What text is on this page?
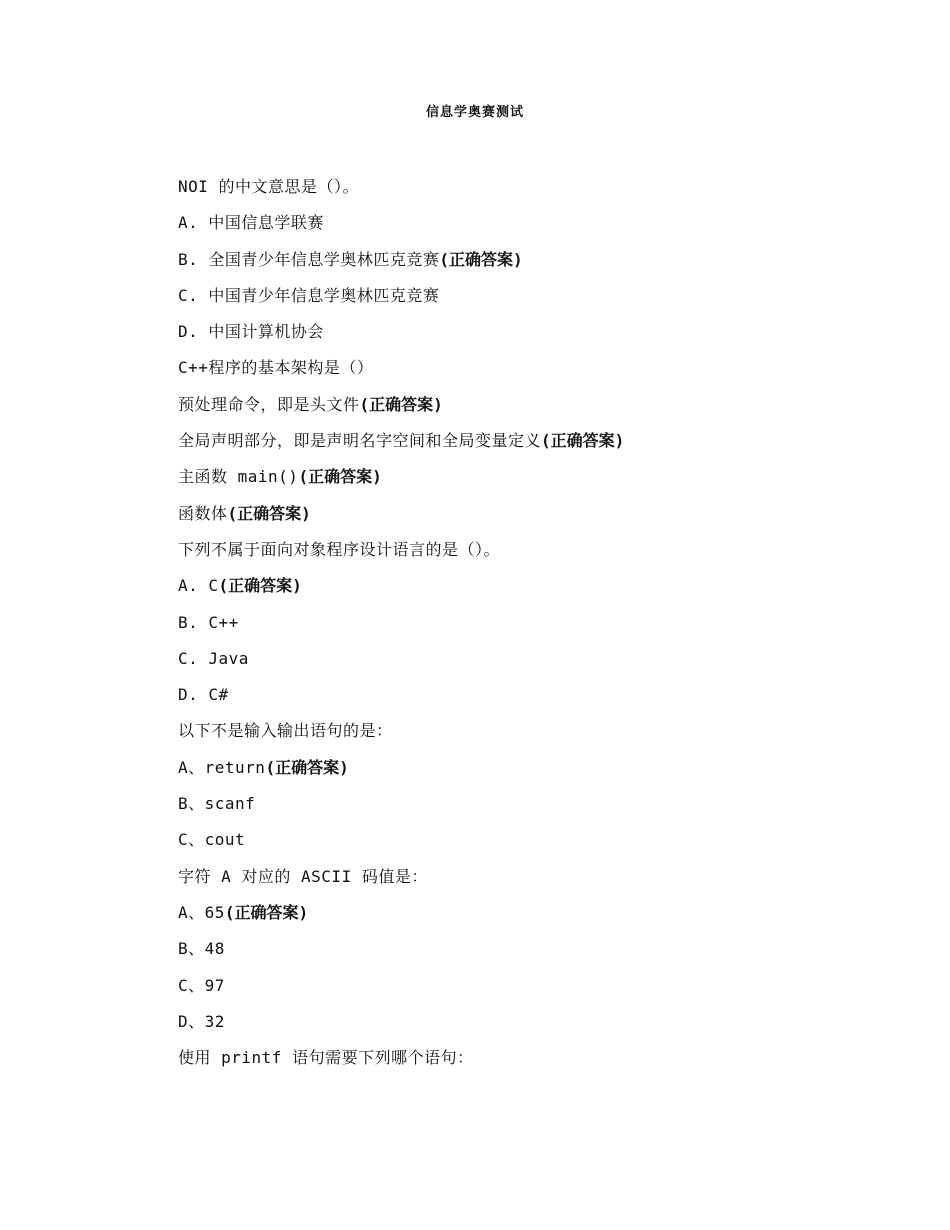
信息学奥赛测试
NOI 的中文意思是（）。
A. 中国信息学联赛
B. 全国青少年信息学奥林匹克竞赛(正确答案)
C. 中国青少年信息学奥林匹克竞赛
D. 中国计算机协会
C++程序的基本架构是（）
预处理命令，即是头文件(正确答案)
全局声明部分，即是声明名字空间和全局变量定义(正确答案)
主函数 main()(正确答案)
函数体(正确答案)
下列不属于面向对象程序设计语言的是（）。
A. C(正确答案)
B. C++
C. Java
D. C#
以下不是输入输出语句的是：
A、return(正确答案)
B、scanf
C、cout
字符 A 对应的 ASCII 码值是：
A、65(正确答案)
B、48
C、97
D、32
使用 printf 语句需要下列哪个语句：
